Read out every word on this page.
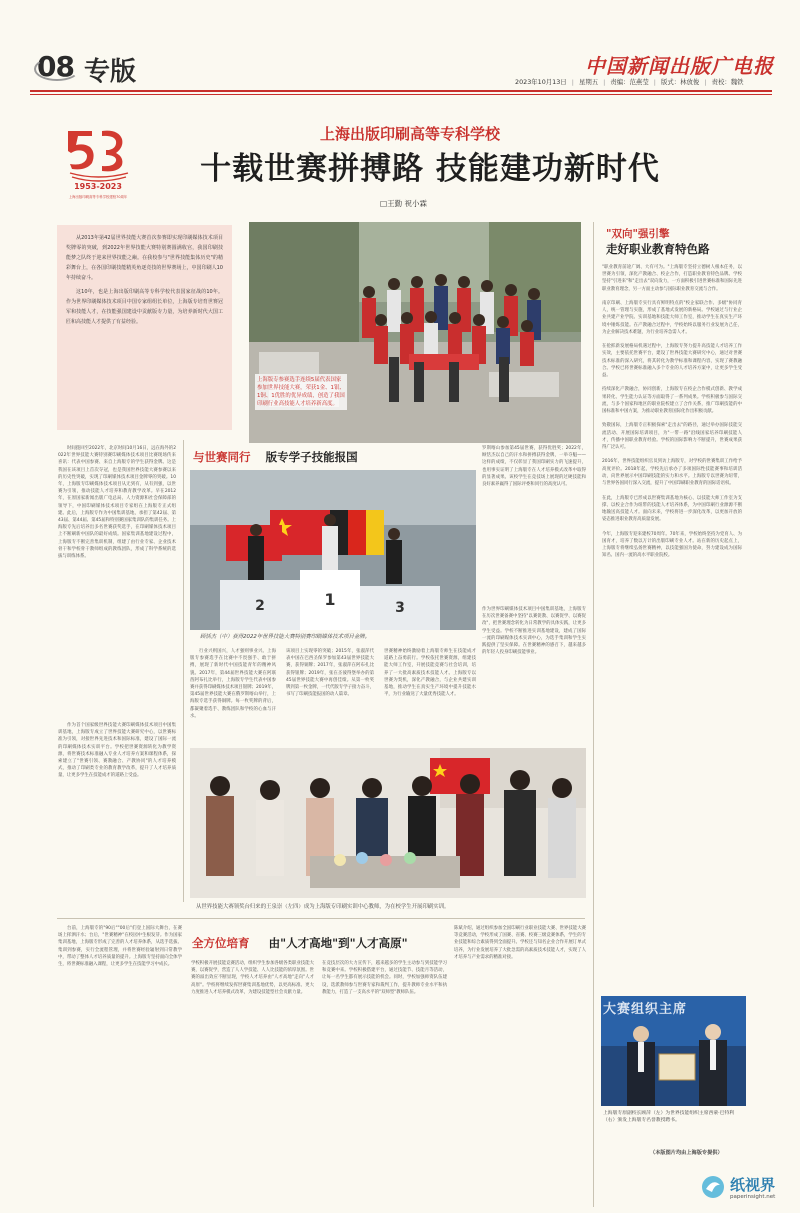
08 专版	中国新闻出版广电报
2023年10月13日 | 星期五 | 责编：范燕莹 | 版式：林放俊 | 责校：魏铁
1953-2023
上海出版印刷高等专科学校建校70周年
上海出版印刷高等专科学校
十载世赛拼搏路 技能建功新时代
□王勤 祝小霖
从2013年第42届世界技能大赛首次参赛即实现印刷媒体技术项目奖牌零的突破，到2022年世界技能大赛特别赛圆满收官，我国印刷技能梦之队终于迎来世界技能之巅。在我校参与"世界技能集体历史"的精彩舞台上，在各国印刷技能精英角逐竞技的世界赛场上，中国印刷人10年持续奋斗。
这10年，也是上海出版印刷高等专科学校代表国家征战的10年。作为世界印刷媒体技术项目中国专家组组长单位，上海版专培育世赛冠军和技能人才，在技能强国建设中贡献版专力量，为培养新时代大国工匠和高技能人才提供了有益经验。
上海版专参赛选手连续5届代表国家参加世界技能大赛，荣获1金、1银、1铜、1优胜的优异成绩，创造了我国印刷行业高技能人才培养新高度。
"双向"强引擎
走好职业教育特色路
"职业教育前途广阔、大有可为。"上海版专坚持立德树人根本任务，以世赛为引领，深化产教融合、校企合作，打造职业教育特色品牌。学校坚持"引进来"和"走出去"双向发力，一方面积极引进世赛标准和国际先进职业教育理念，另一方面主动参与国际职业教育交流与合作。

南京印刷、上海版专实行具有鲜明特点的"校企家联合作、多级"协同育人，统一管理与实施，形成了基地式发展的新格局。学校通过与行业企业共建产业学院、实训基地和技能大师工作室，推动学生在真实生产环境中锤炼技能。在产教融合过程中，学校始终以服务行业发展为己任，为企业解决技术难题，为行业培养急需人才。

在抢抓新发展格局机遇过程中，上海版专努力提升高技能人才培养工作实效，主要依托世赛平台，建设了世界技能大赛研究中心，通过对世赛技术标准的深入研究，将其转化为教学标准和课程内容，实现了赛教融合。学校已将世赛标准融入多个专业的人才培养方案中，让更多学生受益。

持续深化产教融合，协同创新，上海版专在校企合作模式创新、教学成果转化、学生能力认证等方面取得了一系列成果。学校积极参与国际交流，与多个国家和地区的职业院校建立了合作关系，推广印刷技能的中国标准和中国方案，为推动职业教育国际化作出积极贡献。

致敬国际，上海版专正积极探索"走出去"的路径，通过举办国际技能交流活动、开展国际培训项目，为"一带一路"沿线国家培养印刷技能人才，传播中国职业教育经验。学校的国际影响力不断提升，世赛成果获得广泛认可。

2016年，世界技能组织官员到访上海版专，对学校的世赛集训工作给予高度评价。2018年起，学校先后承办了多项国际性技能赛事和培训活动，向世界展示中国印刷技能的实力和水平。上海版专以世赛为纽带，与世界各国同行深入交流，提升了中国印刷职业教育的国际话语权。

在此，上海版专已形成以世赛集训基地为核心、以技能大师工作室为支撑、以校企合作为纽带的技能人才培养体系，为中国印刷行业源源不断地输送高技能人才。面向未来，学校将进一步深化改革，以更加开放的姿态推进职业教育高质量发展。

今年，上海版专迎来建校70周年。70年来，学校始终坚持为党育人、为国育才，培养了数以万计的出版印刷专业人才。站在新的历史起点上，上海版专将继续弘扬世赛精神，以技能强国为使命，努力建设成为国际知名、国内一流的高水平职业院校。
大赛组织主席
上海版专原副校长顾萍（左）为世界技能组织主席西蒙·巴特利（右）颁发上海版专名誉教授聘书。
（本版图片均由上海版专提供）
时间拨回至2022年，北京时间10月16日，远在海外的2022年世界技能大赛特别赛印刷媒体技术项目比赛现场传来喜讯：代表中国参赛、来自上海版专的学生获得金牌。这是我国在该项目上首次夺冠，也是我国世界技能大赛参赛以来的历史性突破，实现了印刷媒体技术项目金牌零的突破。10年，上海版专印刷媒体技术项目从无到有，从有到强，以世赛为引领，推动技能人才培养和教育教学改革。早在2012年，在原国家新闻出版广电总局、人力资源和社会保障部的领导下，中国印刷媒体技术项目专家组在上海版专正式组建。此后，上海版专作为中国集训基地，承担了第42届、第43届、第44届、第45届和特别赛国家集训队的集训任务。上海版专先后培养出多名世赛获奖选手，在印刷媒体技术项目上不断刷新中国队的最好成绩。国家集训基地建设过程中，上海版专不断完善集训机制，组建了由行业专家、企业技术骨干和学校骨干教师组成的教练团队，形成了科学系统的选拔与训练体系。
作为首个国家级世界技能大赛印刷媒体技术项目中国集训基地，上海版专成立了世界技能大赛研究中心，以世赛标准为引领，对接世界先进技术和国际标准，建设了国际一流的印刷媒体技术实训平台。学校把世赛资源转化为教学资源，将世赛技术标准融入专业人才培养方案和课程体系，探索建立了"世赛引领、赛教融合、产教协同"的人才培养模式，推动了印刷类专业的教育教学改革，提升了人才培养质量，让更多学生在技能成才的道路上受益。
与世赛同行 版专学子技能报国
1
2	3
顾恬杰（中）获得2022年世界技能大赛特别赛印刷媒体技术项目金牌。
行业兴则国兴，人才强则事业兴。上海版专参赛选手在比赛中不畏强手、敢于拼搏，展现了新时代中国技能青年的精神风貌。2017年，第44届世界技能大赛在阿联酋阿布扎比举行，上海版专学生代表中国参赛并获得印刷媒体技术项目银牌；2019年，第45届世界技能大赛在俄罗斯喀山举行，上海版专选手获得铜牌。每一枚奖牌的背后，都凝聚着选手、教练团队和学校的心血与汗水。
该项目上实现零的突破；2015年，张淑萍代表中国在巴西圣保罗参加第43届世界技能大赛，获得铜牌；2017年，张淑萍在阿布扎比获得银牌；2019年，张在圣彼得堡举办的第45届世界技能大赛中再创佳绩。从第一枚奖牌到第一枚金牌，一代代版专学子接力奋斗，书写了印刷技能报国的动人篇章。
罗斯喀山参加第45届世赛，获得优胜奖；2022年，顾恬杰以自己的汗水和拼搏获得金牌，一举夺魁——这样的成绩，不仅彰显了我国印刷实力的飞速提升，也用事实证明了上海版专在人才培养模式改革中取得的显著成果。该校学生在竞技场上展现的过硬技能和良好素养赢得了国际评委和同行的高度认可。
作为世界印刷媒体技术项目中国集训基地，上海版专在历次世赛备赛中坚持"以赛促教、以赛促学、以赛促改"，把世赛理念转化为日常教学的具体实践，让更多学生受益。学校不断推进实训基地建设，建成了国际一流的印刷媒体技术实训中心，为选手集训和学生实践提供了坚实保障。在世赛精神的感召下，越来越多的年轻人投身印刷技能事业。
世赛精神始终激励着上海版专师生在技能成才道路上奋勇前行。学校依托世赛资源，组建技能大师工作室，开展技能竞赛与社会培训，培养了一大批高素质技术技能人才。上海版专以世赛为契机，深化产教融合，与企业共建实训基地，推动学生在真实生产环境中提升技能水平，为行业输送了大量优秀技能人才。
从世界技能大赛领奖台归来的王泉崇（左四）成为上海版专印刷实训中心教师，为在校学生开展印刷实训。
台前，上海版专的"90后""00后"们登上国际大舞台，在赛场上挥洒汗水；台后，"世赛精神"在校园中生根发芽。作为国家集训基地，上海版专形成了完善的人才培养体系，从选手选拔、集训到参赛，实行全流程管理，并将世赛经验辐射到日常教学中，带动了整体人才培养质量的提升。上海版专坚持面向全体学生，将世赛标准融入课程，让更多学生在技能学习中成长。
全方位培育 由"人才高地"到"人才高原"
学校积极开展技能竞赛活动，组织学生参加各级各类职业技能大赛，以赛促学，营造了人人学技能、人人比技能的浓厚氛围。世赛的溢出效应不断显现，学校人才培养由"人才高地"走向"人才高原"。学校将继续发挥世赛集训基地优势，以更高标准、更大力度推进人才培养模式改革，为建设技能型社会贡献力量。
在竞技层次的大力宣传下，越来越多的学生主动参与到技能学习和竞赛中来。学校积极搭建平台，通过技能节、技能月等活动，让每一名学生都有展示技能的机会。同时，学校加强师资队伍建设，选派教师参与世赛专家和裁判工作，提升教师专业水平和执教能力，打造了一支高水平的"双师型"教师队伍。
陈斌介绍，通过组织参加全国印刷行业职业技能大赛、世界技能大赛等竞赛活动，学校形成了国赛、省赛、校赛三级竞赛体系，学生的专业技能和综合素质得到全面提升。学校还与知名企业合作开展订单式培养，为行业发展培养了大批急需的高素质技术技能人才，实现了人才培养与产业需求的精准对接。
纸视界
paperinsight.net
